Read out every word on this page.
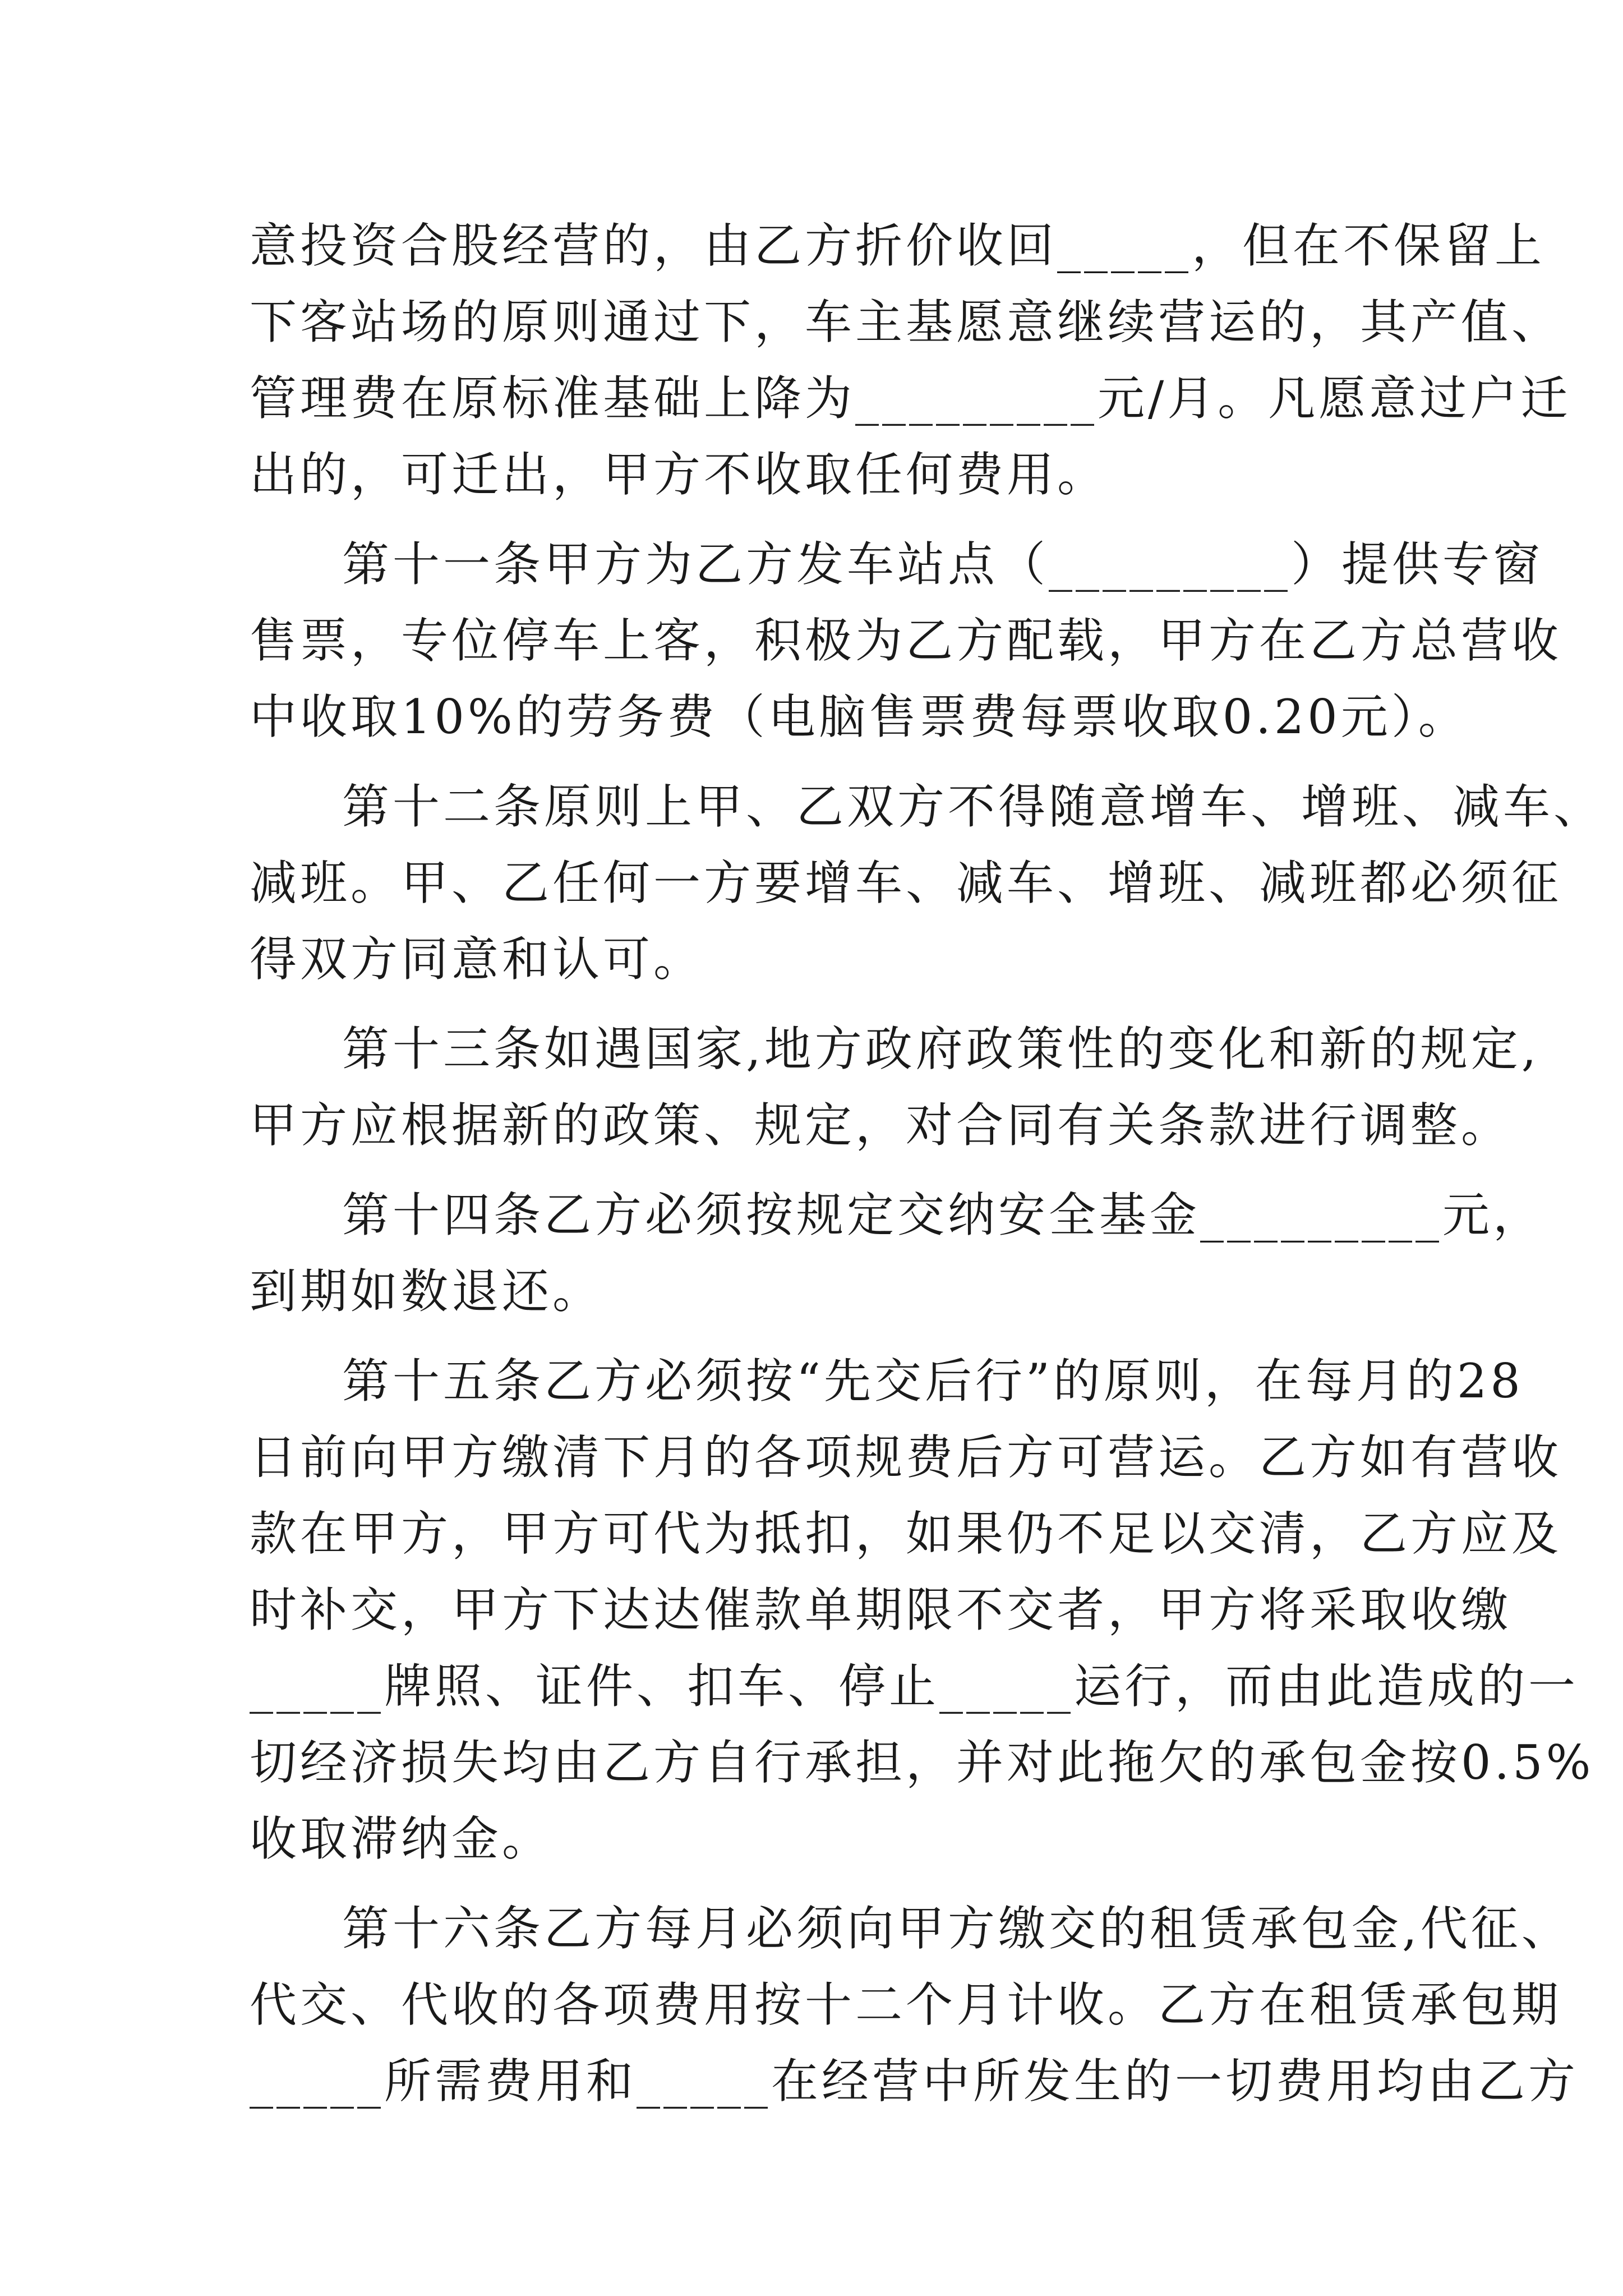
意投资合股经营的，由乙方折价收回_____，但在不保留上
下客站场的原则通过下，车主基愿意继续营运的，其产值、
管理费在原标准基础上降为_________元/月。凡愿意过户迁
出的，可迁出，甲方不收取任何费用。
第十一条甲方为乙方发车站点（_________）提供专窗
售票，专位停车上客，积极为乙方配载，甲方在乙方总营收
中收取10%的劳务费（电脑售票费每票收取0.20元）。
第十二条原则上甲、乙双方不得随意增车、增班、减车、
减班。甲、乙任何一方要增车、减车、增班、减班都必须征
得双方同意和认可。
第十三条如遇国家,地方政府政策性的变化和新的规定,
甲方应根据新的政策、规定，对合同有关条款进行调整。
第十四条乙方必须按规定交纳安全基金_________元，
到期如数退还。
第十五条乙方必须按“先交后行”的原则，在每月的28
日前向甲方缴清下月的各项规费后方可营运。乙方如有营收
款在甲方，甲方可代为抵扣，如果仍不足以交清，乙方应及
时补交，甲方下达达催款单期限不交者，甲方将采取收缴
_____牌照、证件、扣车、停止_____运行，而由此造成的一
切经济损失均由乙方自行承担，并对此拖欠的承包金按0.5%
收取滞纳金。
第十六条乙方每月必须向甲方缴交的租赁承包金,代征、
代交、代收的各项费用按十二个月计收。乙方在租赁承包期
_____所需费用和_____在经营中所发生的一切费用均由乙方
